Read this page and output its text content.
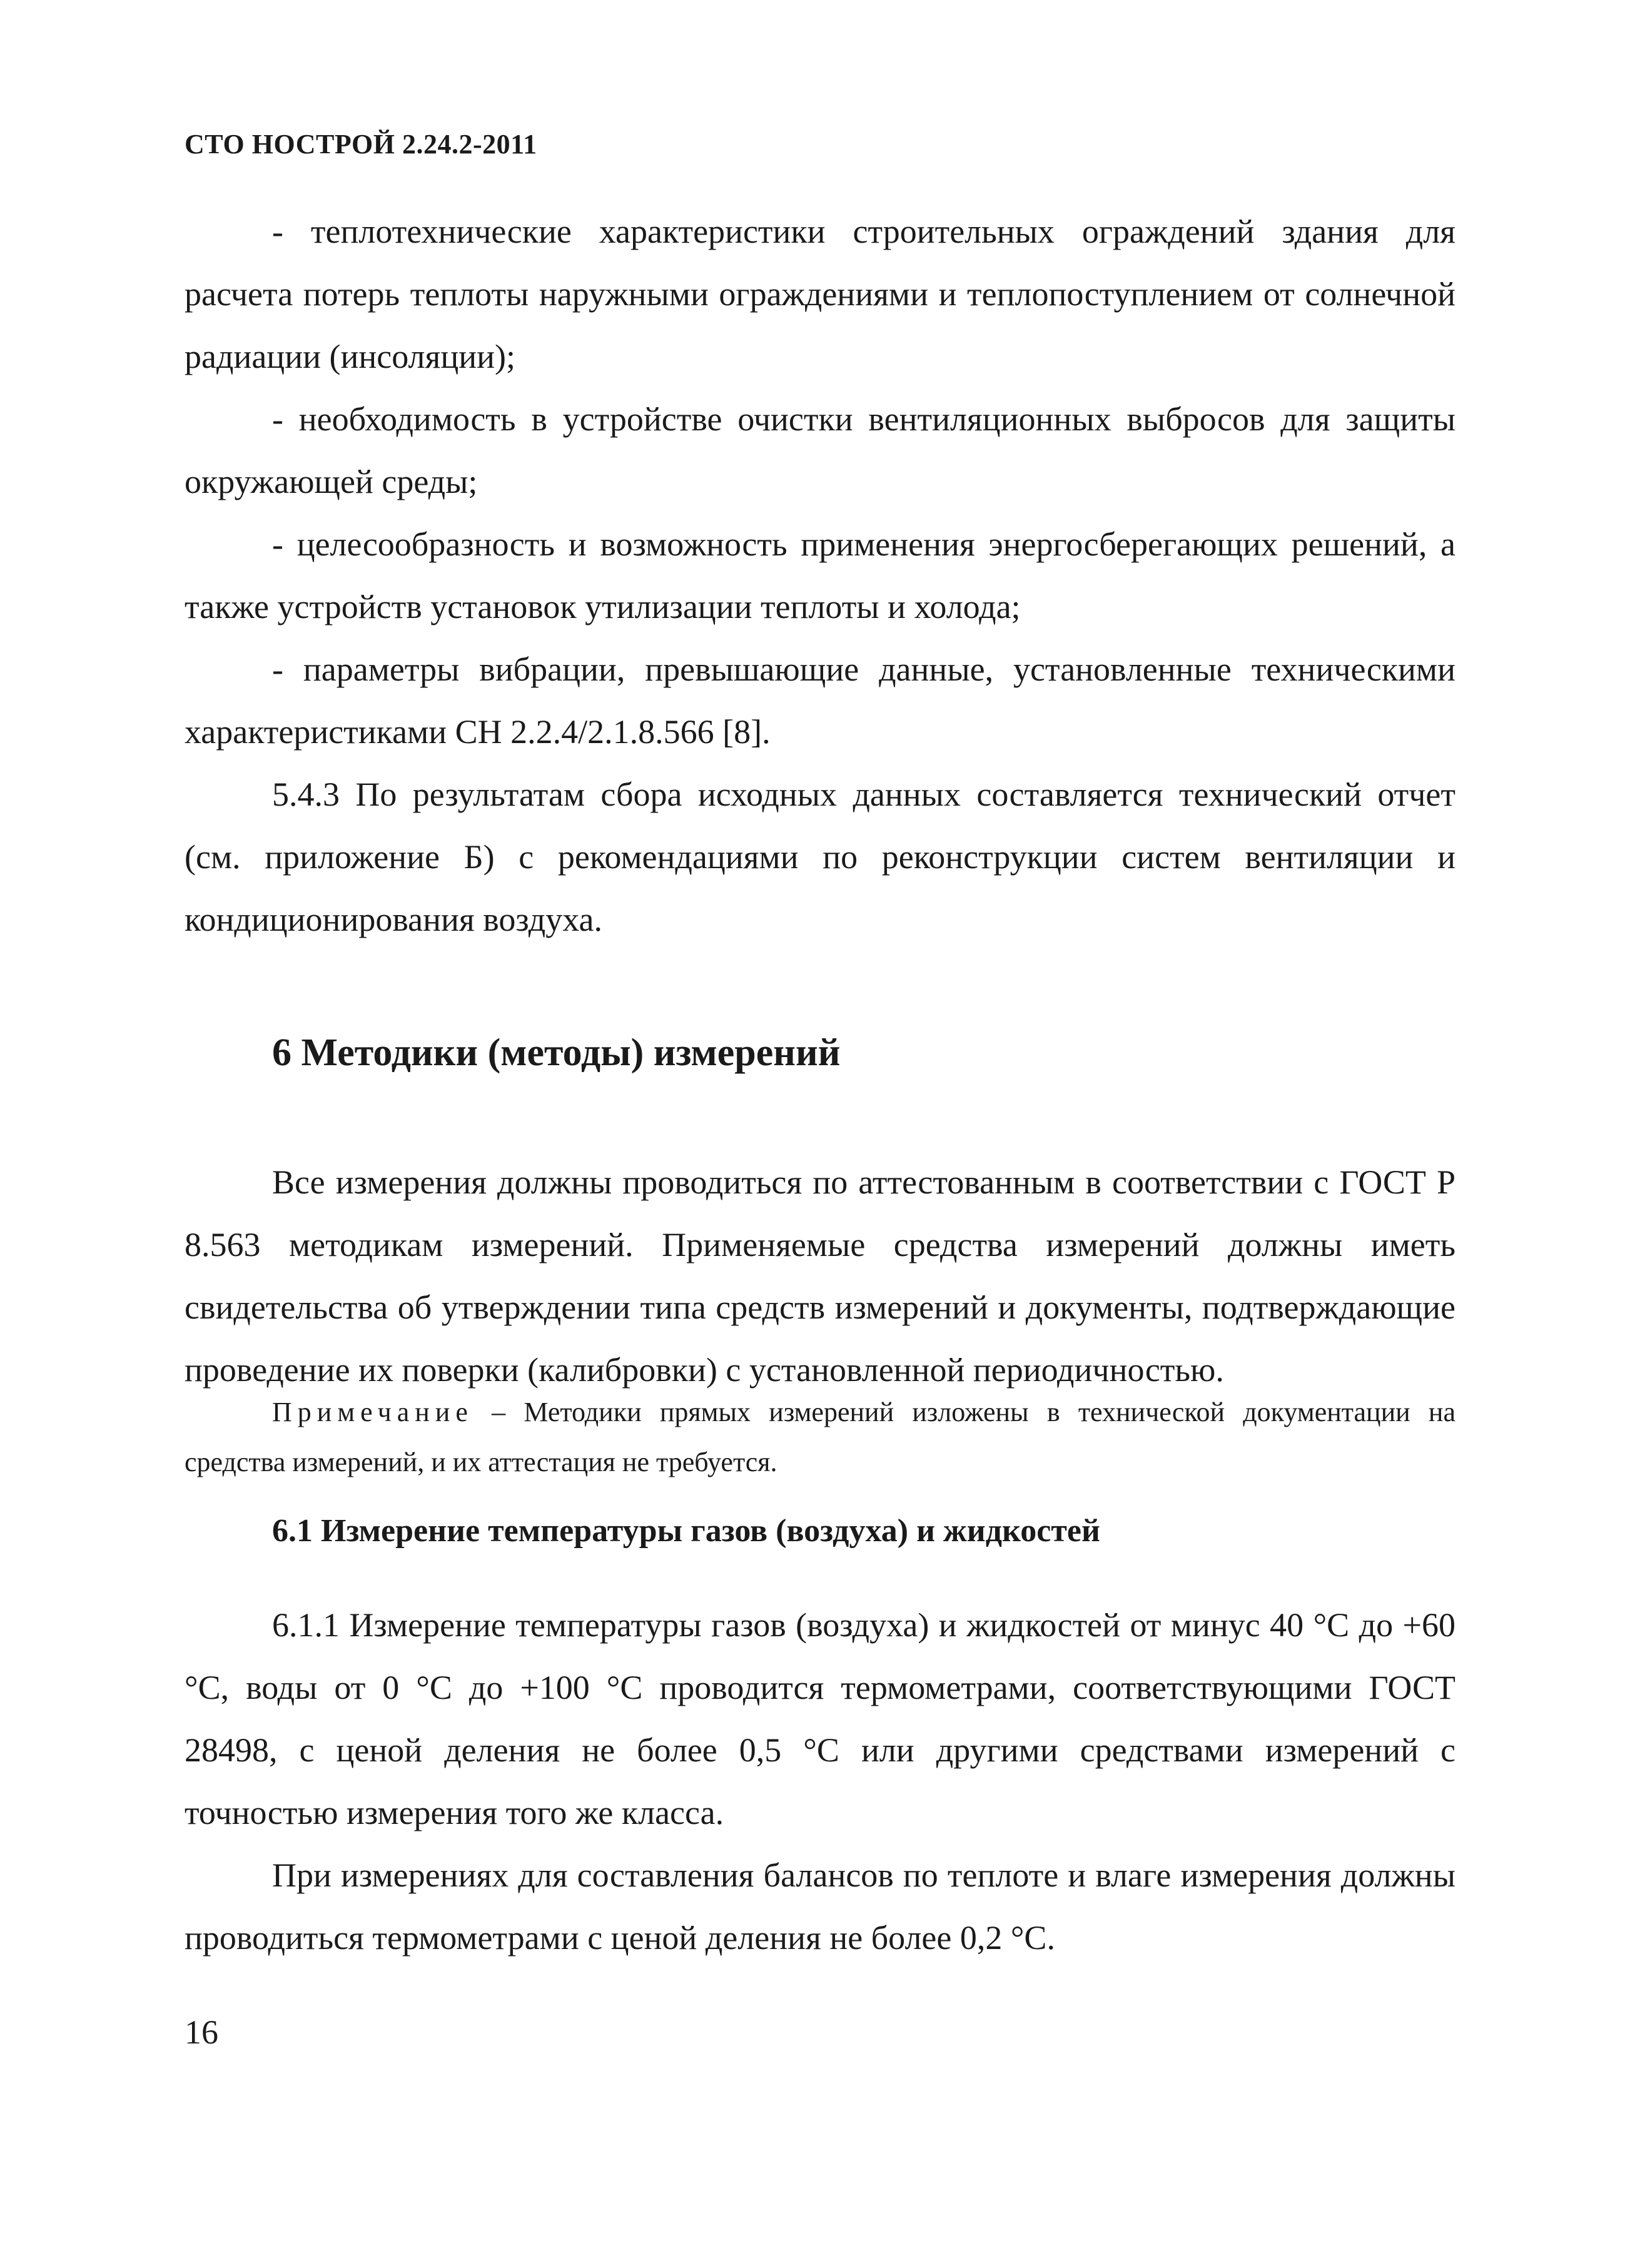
СТО НОСТРОЙ 2.24.2-2011

- теплотехнические характеристики строительных ограждений здания для расчета потерь теплоты наружными ограждениями и теплопоступлением от солнечной радиации (инсоляции);

- необходимость в устройстве очистки вентиляционных выбросов для защиты окружающей среды;

- целесообразность и возможность применения энергосберегающих решений, а также устройств установок утилизации теплоты и холода;

- параметры вибрации, превышающие данные, установленные техническими характеристиками СН 2.2.4/2.1.8.566 [8].

5.4.3 По результатам сбора исходных данных составляется технический отчет (см. приложение Б) с рекомендациями по реконструкции систем вентиляции и кондиционирования воздуха.

6 Методики (методы) измерений

Все измерения должны проводиться по аттестованным в соответствии с ГОСТ Р 8.563 методикам измерений. Применяемые средства измерений должны иметь свидетельства об утверждении типа средств измерений и документы, подтверждающие проведение их поверки (калибровки) с установленной периодичностью.

Примечание – Методики прямых измерений изложены в технической документации на средства измерений, и их аттестация не требуется.
6.1 Измерение температуры газов (воздуха) и жидкостей

6.1.1 Измерение температуры газов (воздуха) и жидкостей от минус 40 °С до +60 °С, воды от 0 °С до +100 °С проводится термометрами, соответствующими ГОСТ 28498, с ценой деления не более 0,5 °С или другими средствами измерений с точностью измерения того же класса.

При измерениях для составления балансов по теплоте и влаге измерения должны проводиться термометрами с ценой деления не более 0,2 °С.

16
